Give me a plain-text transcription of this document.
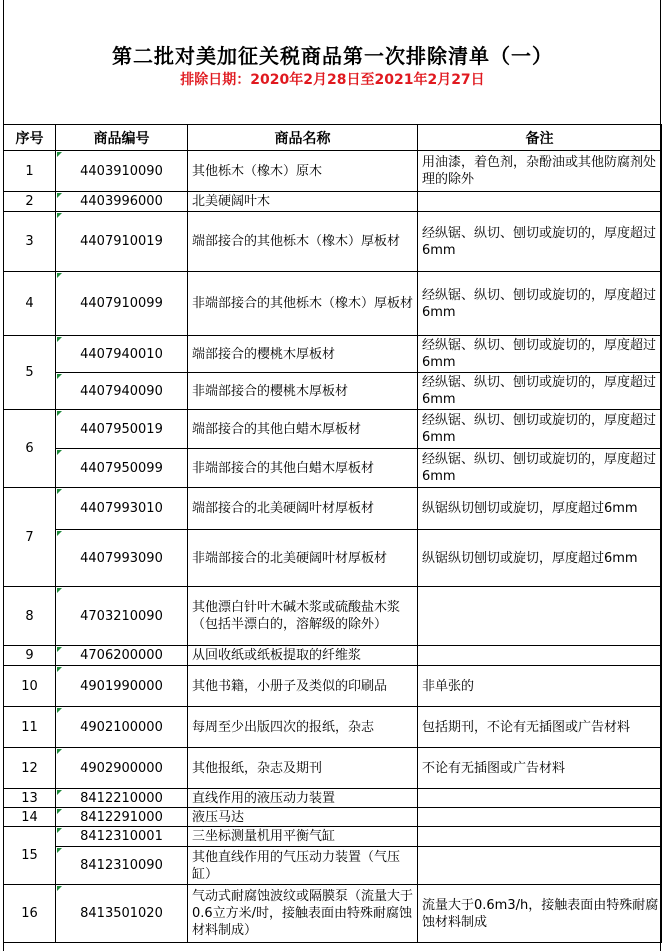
第二批对美加征关税商品第一次排除清单（一）
排除日期：2020年2月28日至2021年2月27日
序号	商品编号	商品名称	备注
1	4403910090	其他栎木（橡木）原木	用油漆，着色剂，杂酚油或其他防腐剂处理的除外
2	4403996000	北美硬阔叶木	
3	4407910019	端部接合的其他栎木（橡木）厚板材	经纵锯、纵切、刨切或旋切的，厚度超过6mm
4	4407910099	非端部接合的其他栎木（橡木）厚板材	经纵锯、纵切、刨切或旋切的，厚度超过6mm
5	4407940010	端部接合的樱桃木厚板材	经纵锯、纵切、刨切或旋切的，厚度超过6mm
	4407940090	非端部接合的樱桃木厚板材	经纵锯、纵切、刨切或旋切的，厚度超过6mm
6	4407950019	端部接合的其他白蜡木厚板材	经纵锯、纵切、刨切或旋切的，厚度超过6mm
	4407950099	非端部接合的其他白蜡木厚板材	经纵锯、纵切、刨切或旋切的，厚度超过6mm
7	4407993010	端部接合的北美硬阔叶材厚板材	纵锯纵切刨切或旋切，厚度超过6mm
	4407993090	非端部接合的北美硬阔叶材厚板材	纵锯纵切刨切或旋切，厚度超过6mm
8	4703210090	其他漂白针叶木碱木浆或硫酸盐木浆（包括半漂白的，溶解级的除外）	
9	4706200000	从回收纸或纸板提取的纤维浆	
10	4901990000	其他书籍，小册子及类似的印刷品	非单张的
11	4902100000	每周至少出版四次的报纸，杂志	包括期刊，不论有无插图或广告材料
12	4902900000	其他报纸，杂志及期刊	不论有无插图或广告材料
13	8412210000	直线作用的液压动力装置	
14	8412291000	液压马达	
15	8412310001	三坐标测量机用平衡气缸	
	8412310090	其他直线作用的气压动力装置（气压缸）	
16	8413501020	气动式耐腐蚀波纹或隔膜泵（流量大于0.6立方米/时，接触表面由特殊耐腐蚀材料制成）	流量大于0.6m3/h，接触表面由特殊耐腐蚀材料制成
